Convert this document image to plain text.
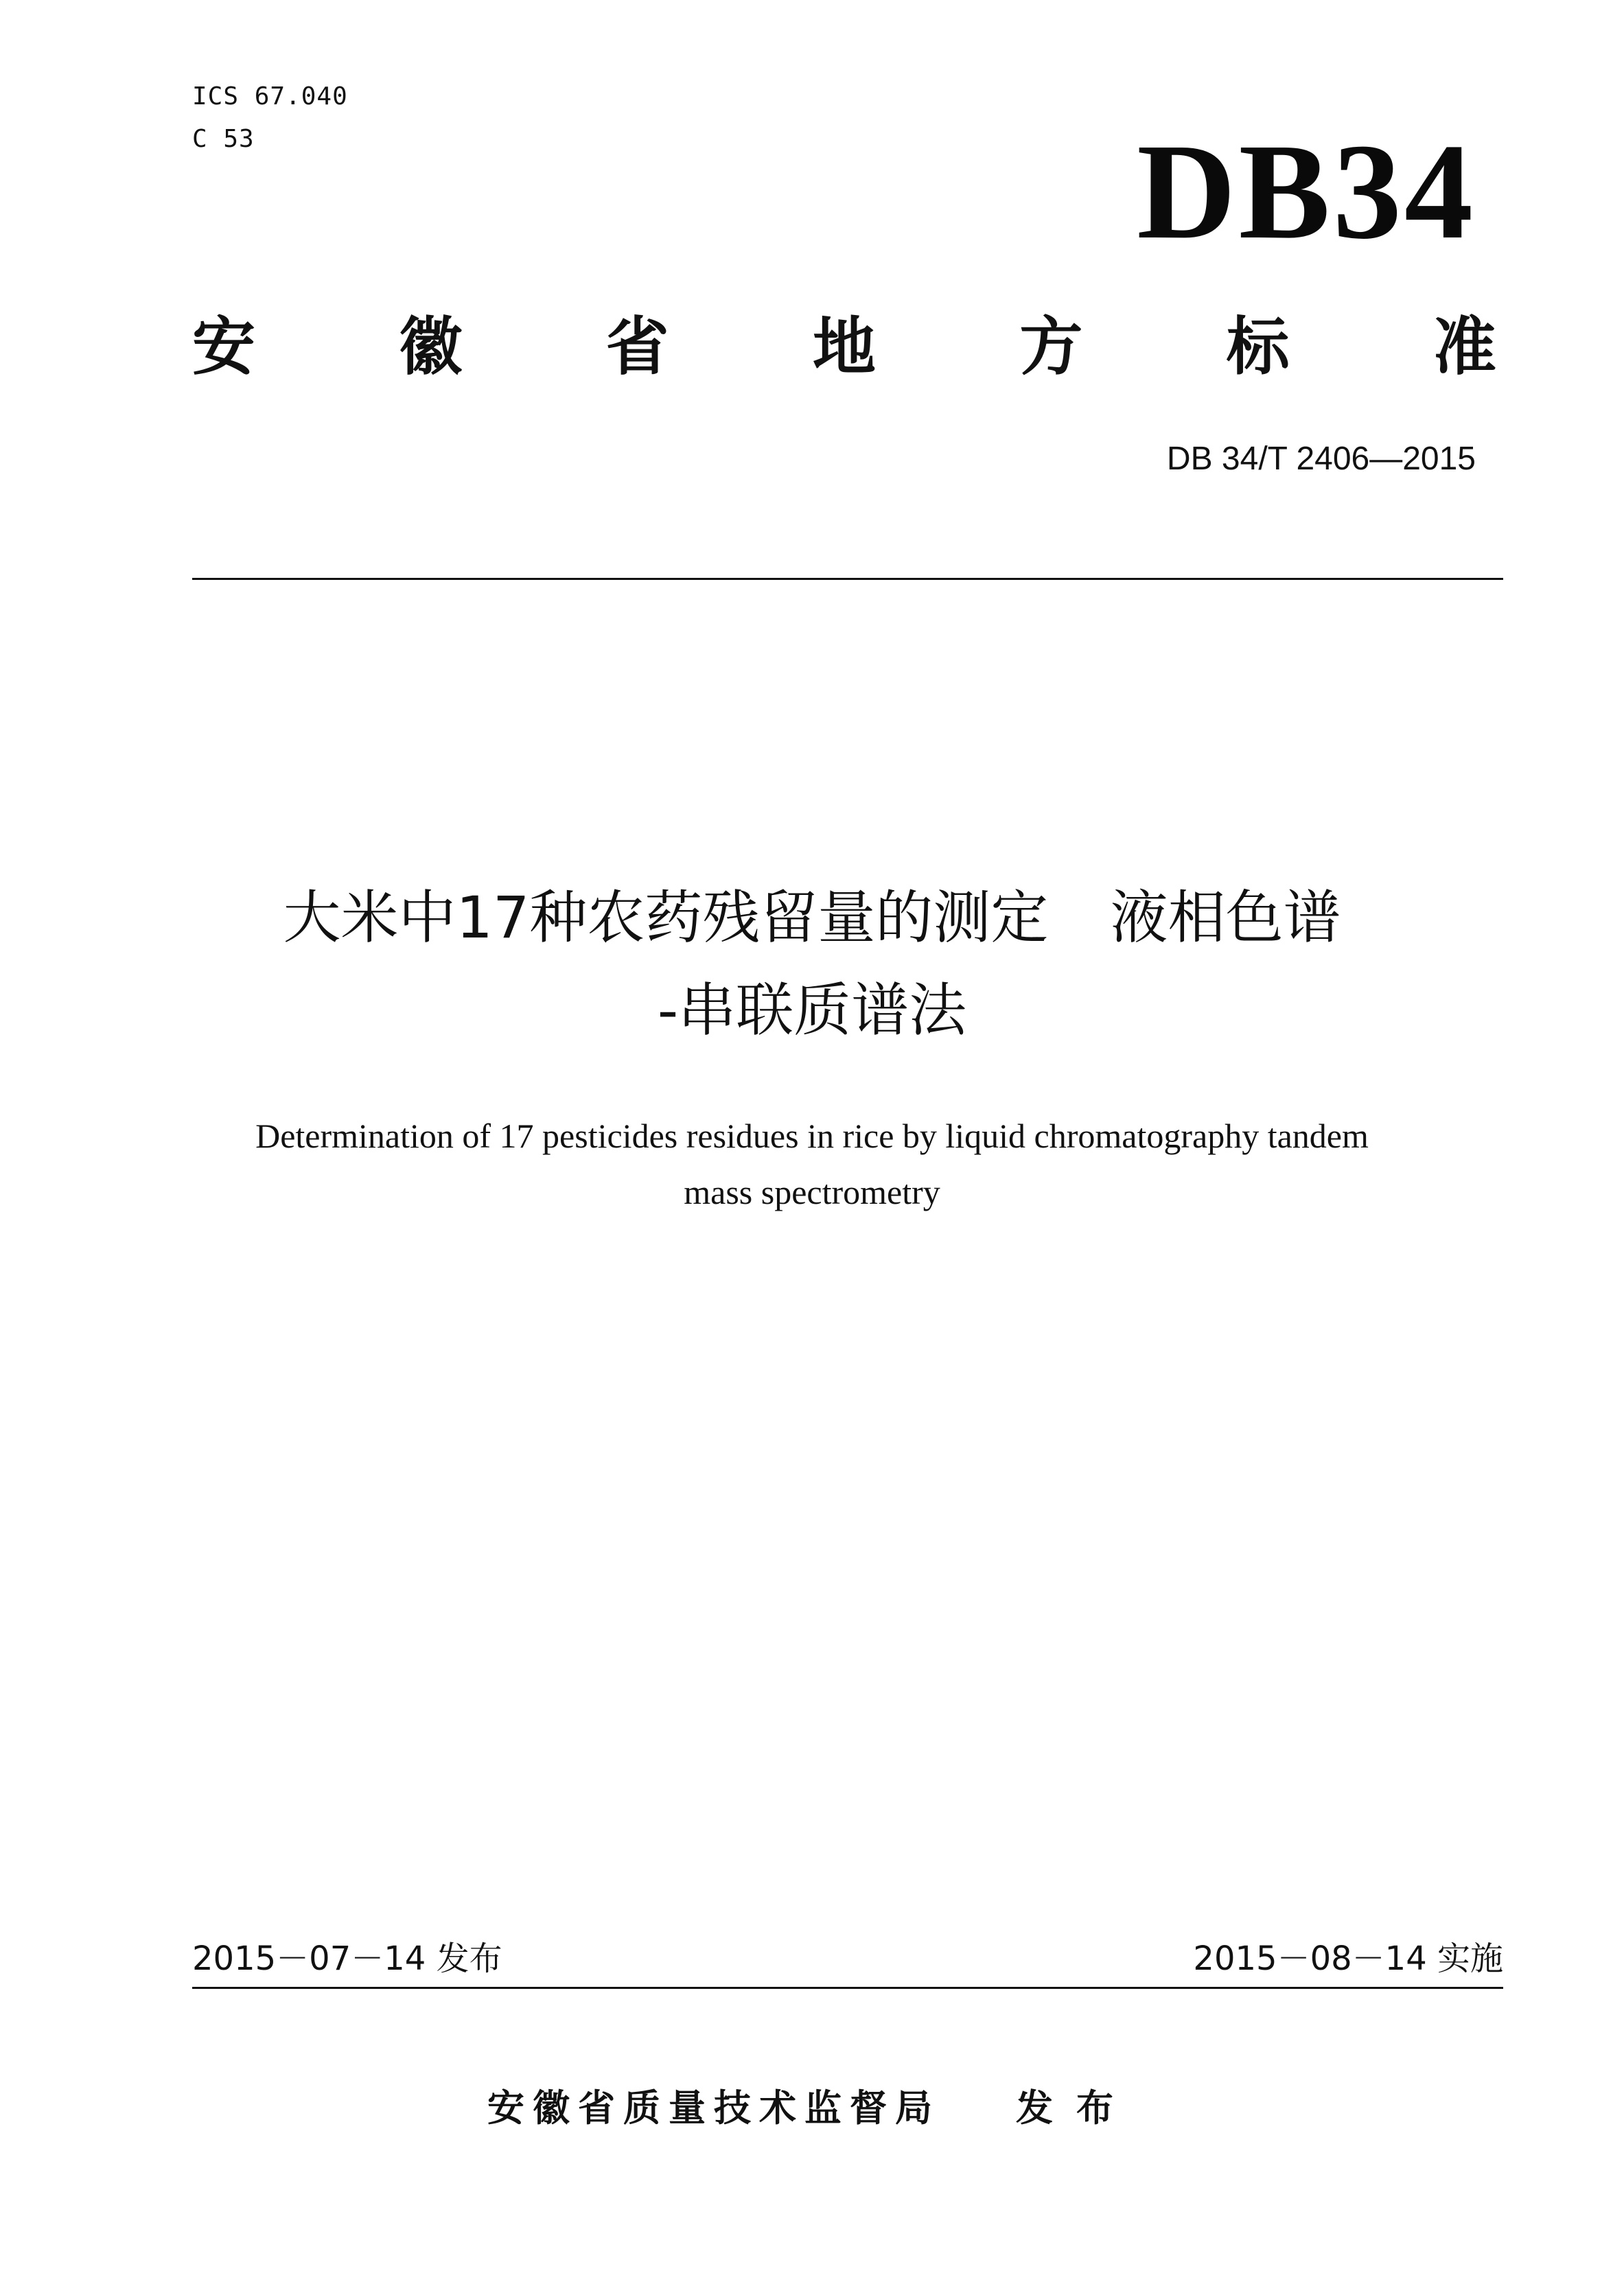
ICS 67.040
C 53	DB34
安 徽 省 地 方 标 准
DB 34/T 2406—2015
大米中17种农药残留量的测定 液相色谱
-串联质谱法
Determination of 17 pesticides residues in rice by liquid chromatography tandem
mass spectrometry
2015－07－14 发布	2015－08－14 实施
安徽省质量技术监督局 发布
